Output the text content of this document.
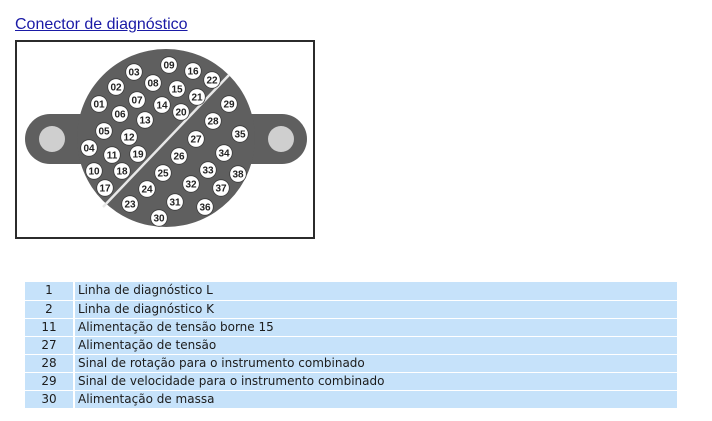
Conector de diagnóstico
01
02
03
04
05
06
07
08
09
10
11
12
13
14
15
16
17
18
19
20
21
22
23
24
25
26
27
28
29
30
31
32
33
34
35
36
37
38
1	Linha de diagnóstico L
2	Linha de diagnóstico K
11	Alimentação de tensão borne 15
27	Alimentação de tensão
28	Sinal de rotação para o instrumento combinado
29	Sinal de velocidade para o instrumento combinado
30	Alimentação de massa
